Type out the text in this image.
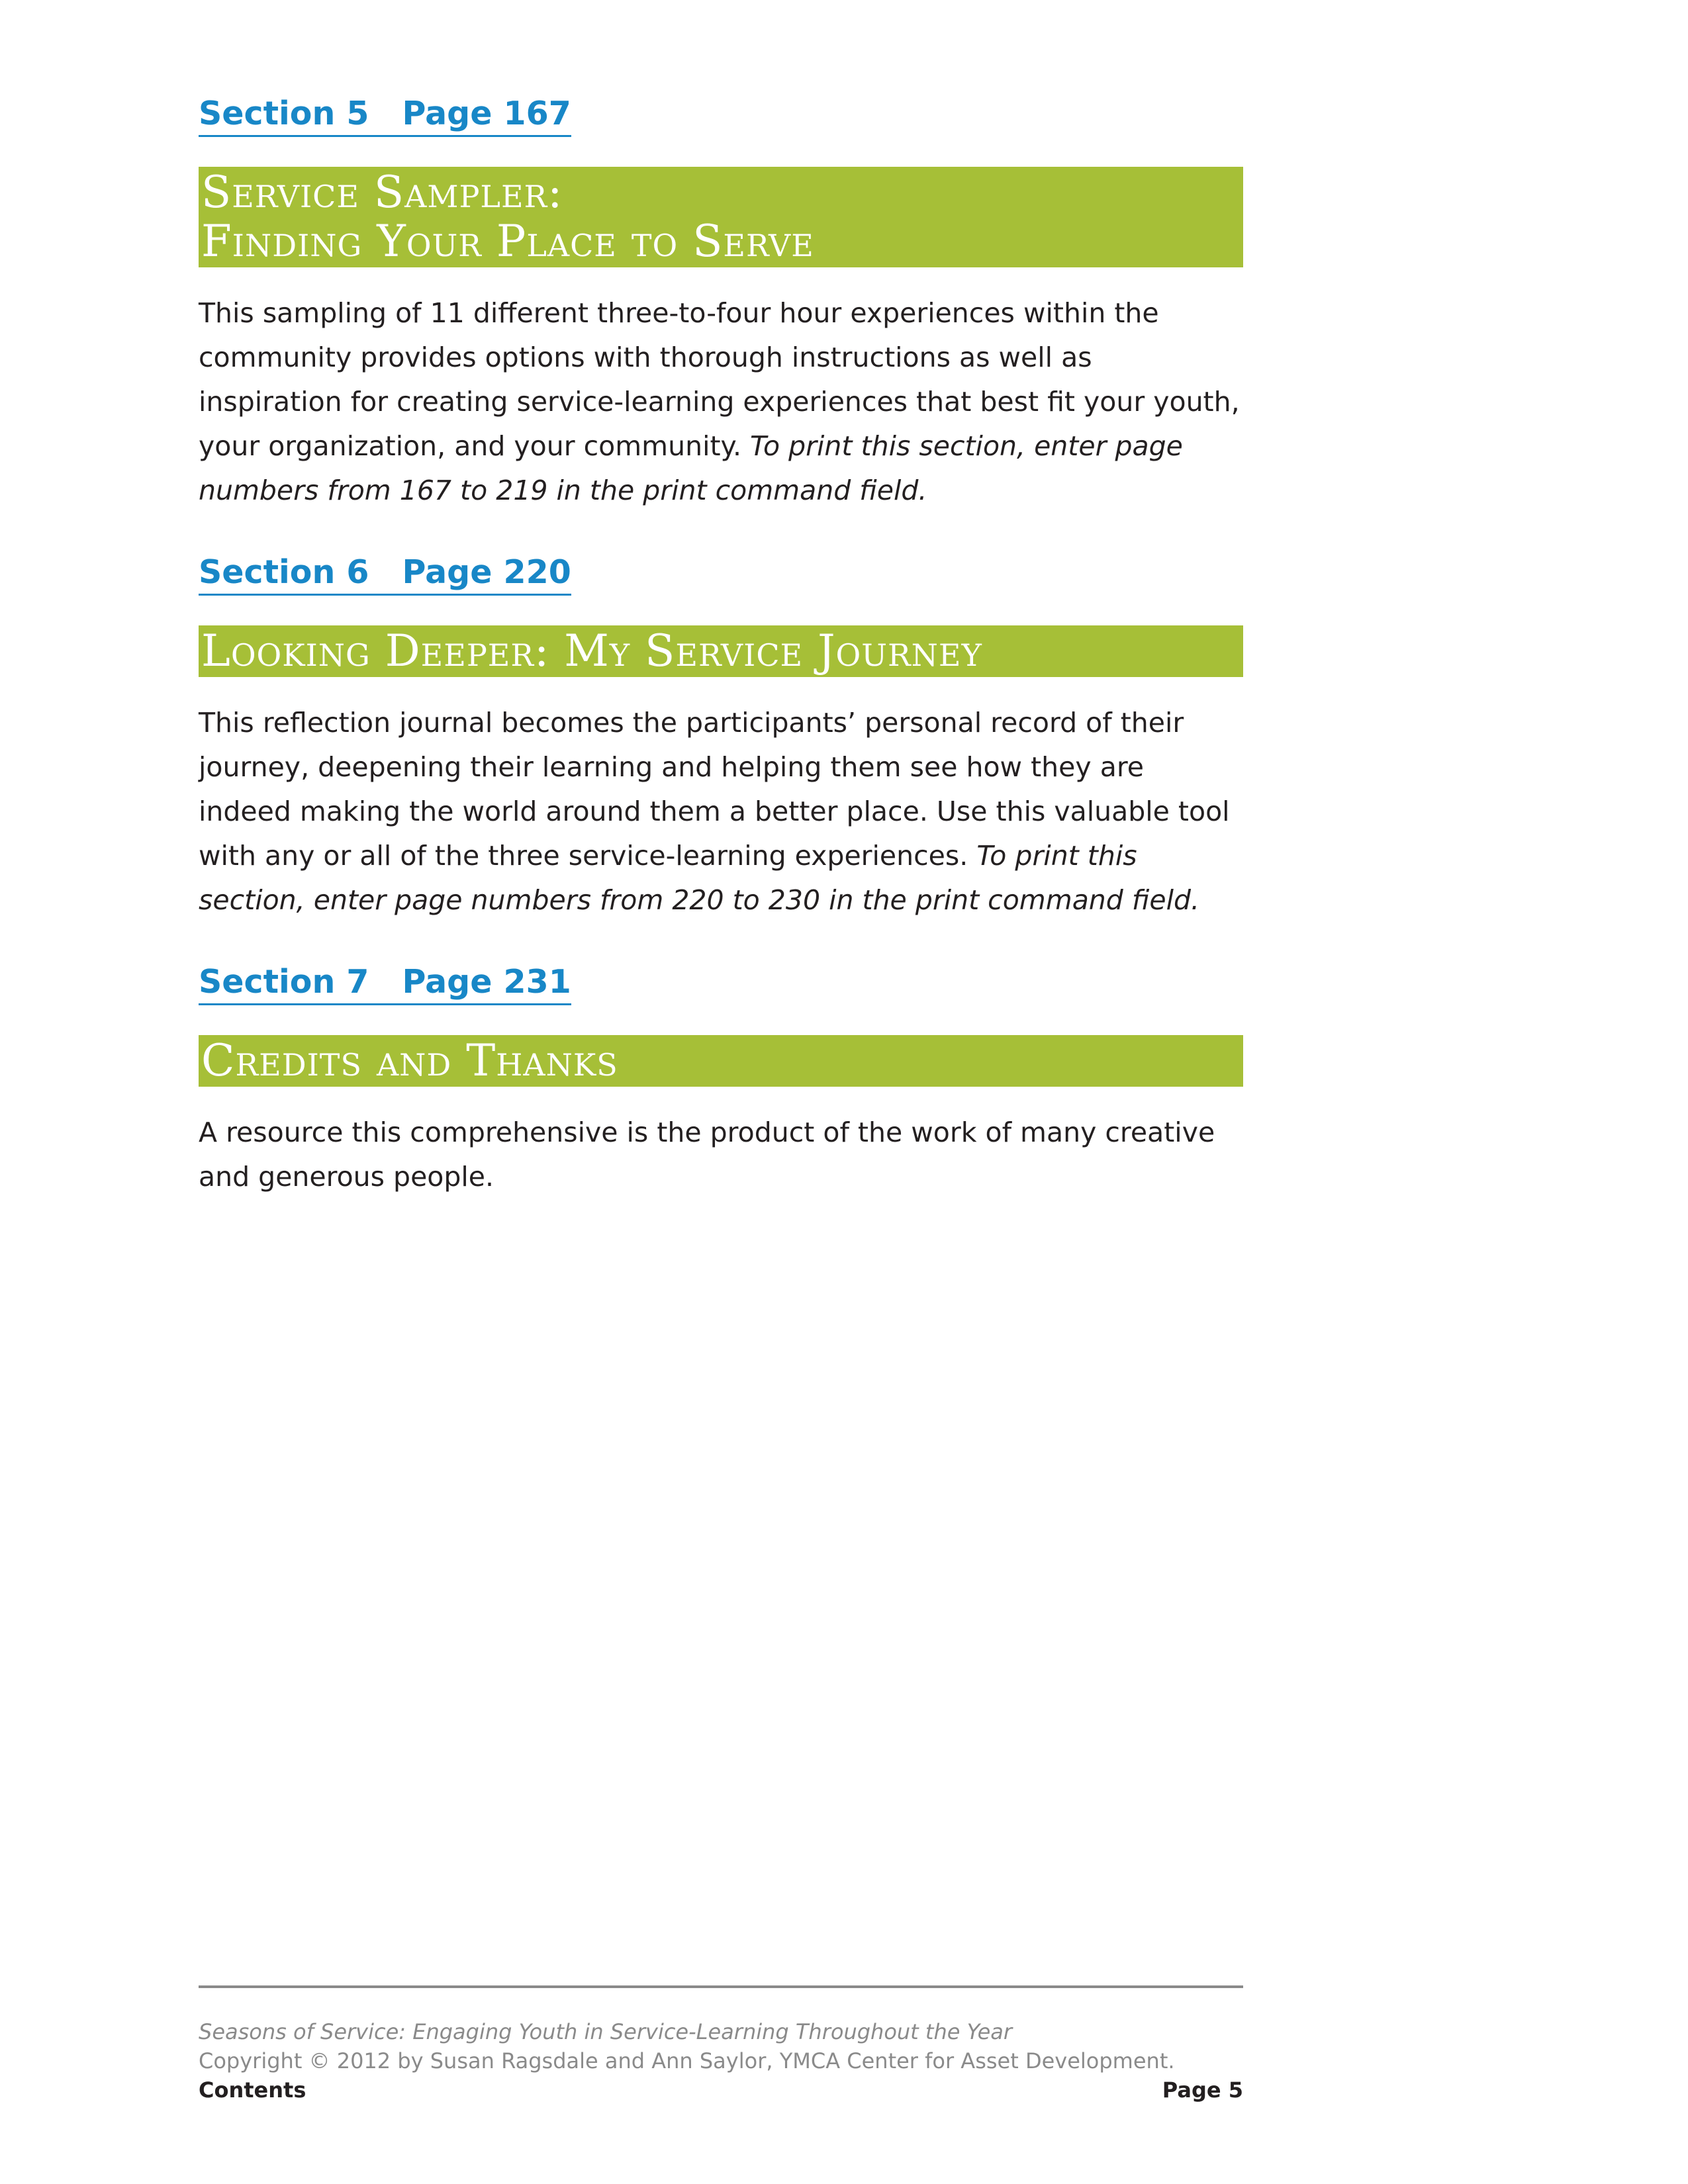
Section 5 Page 167
Service Sampler:
Finding Your Place to Serve

This sampling of 11 different three-to-four hour experiences within the community provides options with thorough instructions as well as inspiration for creating service-learning experiences that best fit your youth, your organization, and your community. To print this section, enter page numbers from 167 to 219 in the print command field.

Section 6 Page 220
Looking Deeper: My Service Journey

This reflection journal becomes the participants’ personal record of their journey, deepening their learning and helping them see how they are indeed making the world around them a better place. Use this valuable tool with any or all of the three service-learning experiences. To print this section, enter page numbers from 220 to 230 in the print command field.

Section 7 Page 231
Credits and Thanks

A resource this comprehensive is the product of the work of many creative and generous people.

Seasons of Service: Engaging Youth in Service-Learning Throughout the Year
Copyright © 2012 by Susan Ragsdale and Ann Saylor, YMCA Center for Asset Development.
Contents	Page 5
